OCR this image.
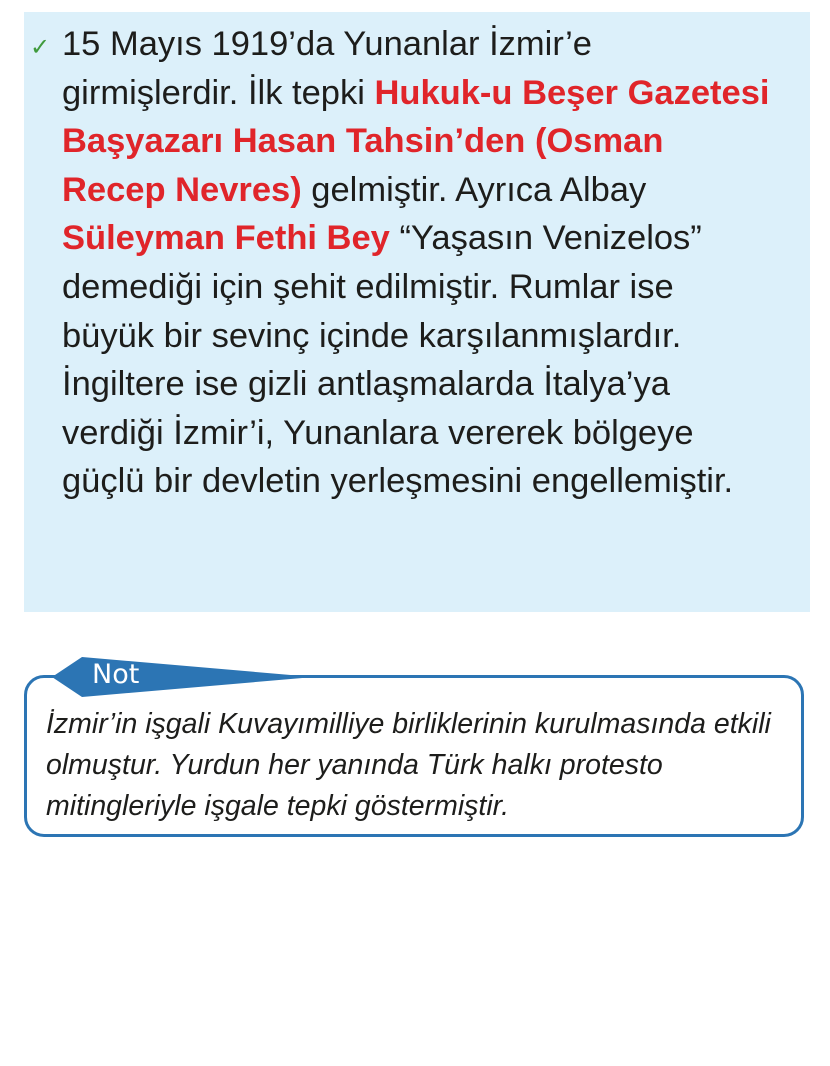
✓ 15 Mayıs 1919’da Yunanlar İzmir’e girmişlerdir. İlk tepki Hukuk-u Beşer Gazetesi Başyazarı Hasan Tahsin’den (Osman Recep Nevres) gelmiştir. Ayrıca Albay Süleyman Fethi Bey “Yaşasın Venizelos” demediği için şehit edilmiştir. Rumlar ise büyük bir sevinç içinde karşılanmışlardır. İngiltere ise gizli antlaşmalarda İtalya’ya verdiği İzmir’i, Yunanlara vererek bölgeye güçlü bir devletin yerleşmesini engellemiştir.

Not

İzmir’in işgali Kuvayımilliye birliklerinin kurulmasında etkili olmuştur. Yurdun her yanında Türk halkı protesto mitingleriyle işgale tepki göstermiştir.
